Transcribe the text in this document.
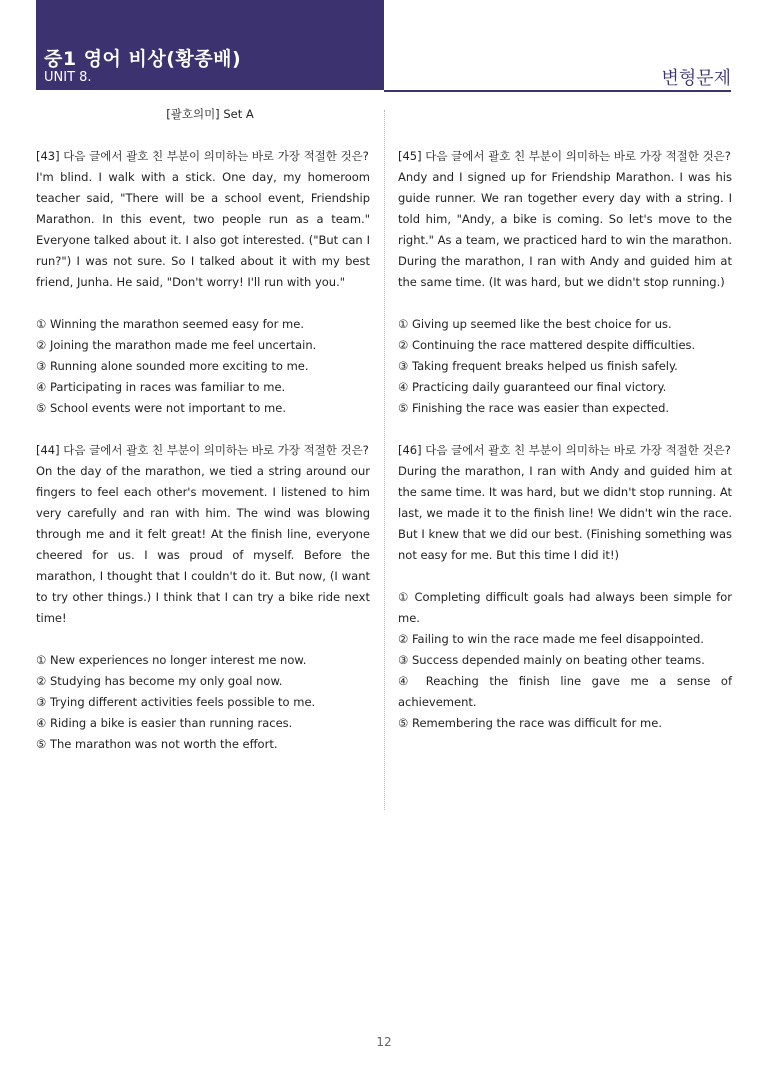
중1 영어 비상(황종배)
UNIT 8.	변형문제
[괄호의미] Set A
[43] 다음 글에서 괄호 친 부분이 의미하는 바로 가장 적절한 것은?
I'm blind. I walk with a stick. One day, my homeroom teacher said, "There will be a school event, Friendship Marathon. In this event, two people run as a team." Everyone talked about it. I also got interested. ("But can I run?") I was not sure. So I talked about it with my best friend, Junha. He said, "Don't worry! I'll run with you."
① Winning the marathon seemed easy for me.
② Joining the marathon made me feel uncertain.
③ Running alone sounded more exciting to me.
④ Participating in races was familiar to me.
⑤ School events were not important to me.
[44] 다음 글에서 괄호 친 부분이 의미하는 바로 가장 적절한 것은?
On the day of the marathon, we tied a string around our fingers to feel each other's movement. I listened to him very carefully and ran with him. The wind was blowing through me and it felt great! At the finish line, everyone cheered for us. I was proud of myself. Before the marathon, I thought that I couldn't do it. But now, (I want to try other things.) I think that I can try a bike ride next time!
① New experiences no longer interest me now.
② Studying has become my only goal now.
③ Trying different activities feels possible to me.
④ Riding a bike is easier than running races.
⑤ The marathon was not worth the effort.
[45] 다음 글에서 괄호 친 부분이 의미하는 바로 가장 적절한 것은?
Andy and I signed up for Friendship Marathon. I was his guide runner. We ran together every day with a string. I told him, "Andy, a bike is coming. So let's move to the right." As a team, we practiced hard to win the marathon. During the marathon, I ran with Andy and guided him at the same time. (It was hard, but we didn't stop running.)
① Giving up seemed like the best choice for us.
② Continuing the race mattered despite difficulties.
③ Taking frequent breaks helped us finish safely.
④ Practicing daily guaranteed our final victory.
⑤ Finishing the race was easier than expected.
[46] 다음 글에서 괄호 친 부분이 의미하는 바로 가장 적절한 것은?
During the marathon, I ran with Andy and guided him at the same time. It was hard, but we didn't stop running. At last, we made it to the finish line! We didn't win the race. But I knew that we did our best. (Finishing something was not easy for me. But this time I did it!)
① Completing difficult goals had always been simple for me.
② Failing to win the race made me feel disappointed.
③ Success depended mainly on beating other teams.
④ Reaching the finish line gave me a sense of achievement.
⑤ Remembering the race was difficult for me.
12
